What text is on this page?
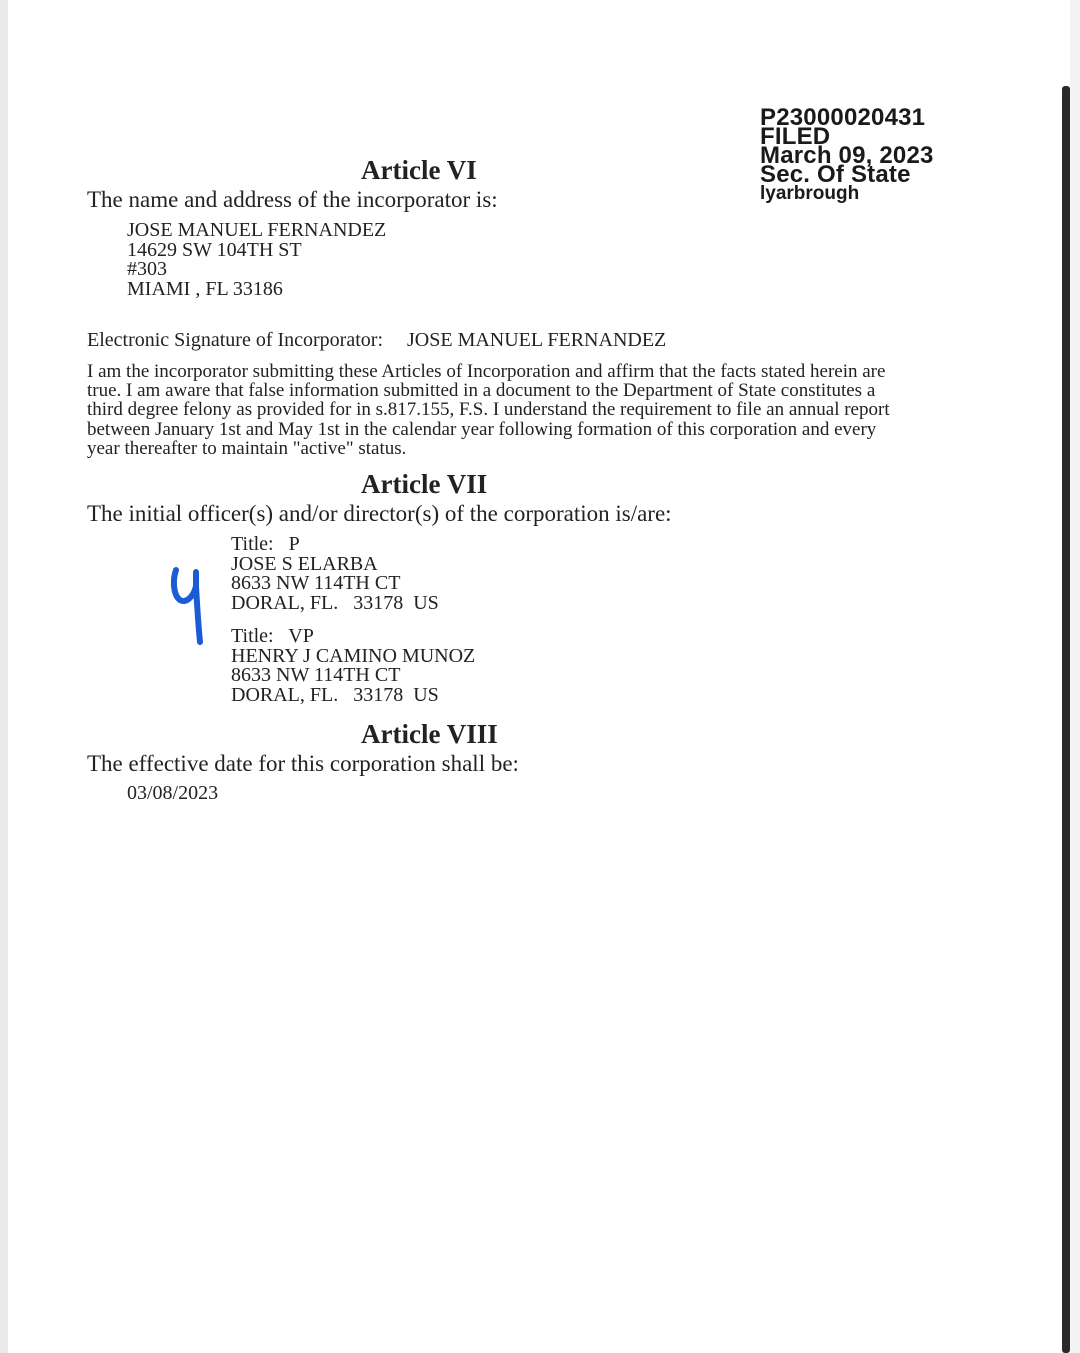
P23000020431
FILED
March 09, 2023
Sec. Of State
lyarbrough
Article VI
The name and address of the incorporator is:
JOSE MANUEL FERNANDEZ
14629 SW 104TH ST
#303
MIAMI , FL 33186
Electronic Signature of Incorporator: JOSE MANUEL FERNANDEZ
I am the incorporator submitting these Articles of Incorporation and affirm that the facts stated herein are
true. I am aware that false information submitted in a document to the Department of State constitutes a
third degree felony as provided for in s.817.155, F.S. I understand the requirement to file an annual report
between January 1st and May 1st in the calendar year following formation of this corporation and every
year thereafter to maintain "active" status.
Article VII
The initial officer(s) and/or director(s) of the corporation is/are:
Title:   P
JOSE S ELARBA
8633 NW 114TH CT
DORAL, FL.   33178  US
Title:   VP
HENRY J CAMINO MUNOZ
8633 NW 114TH CT
DORAL, FL.   33178  US
Article VIII
The effective date for this corporation shall be:
03/08/2023
